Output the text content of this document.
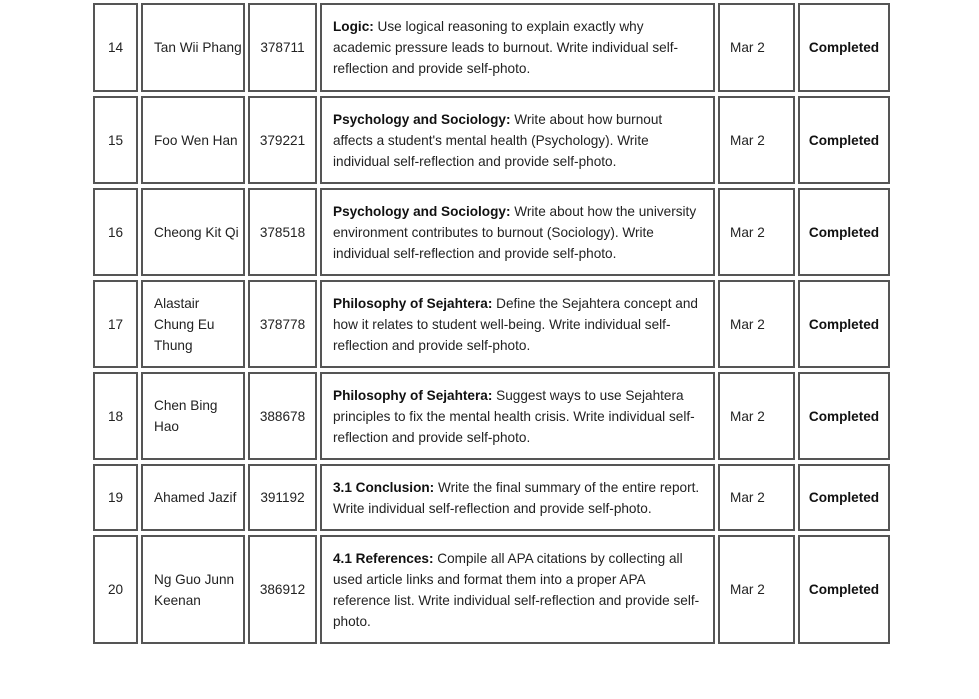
14	Tan Wii Phang	378711	Logic: Use logical reasoning to explain exactly why academic pressure leads to burnout. Write individual self-reflection and provide self-photo.	Mar 2	Completed
15	Foo Wen Han	379221	Psychology and Sociology: Write about how burnout affects a student's mental health (Psychology). Write individual self-reflection and provide self-photo.	Mar 2	Completed
16	Cheong Kit Qi	378518	Psychology and Sociology: Write about how the university environment contributes to burnout (Sociology). Write individual self-reflection and provide self-photo.	Mar 2	Completed
17	Alastair Chung Eu Thung	378778	Philosophy of Sejahtera: Define the Sejahtera concept and how it relates to student well-being. Write individual self-reflection and provide self-photo.	Mar 2	Completed
18	Chen Bing Hao	388678	Philosophy of Sejahtera: Suggest ways to use Sejahtera principles to fix the mental health crisis. Write individual self-reflection and provide self-photo.	Mar 2	Completed
19	Ahamed Jazif	391192	3.1 Conclusion: Write the final summary of the entire report. Write individual self-reflection and provide self-photo.	Mar 2	Completed
20	Ng Guo Junn Keenan	386912	4.1 References: Compile all APA citations by collecting all used article links and format them into a proper APA reference list. Write individual self-reflection and provide self-photo.	Mar 2	Completed
